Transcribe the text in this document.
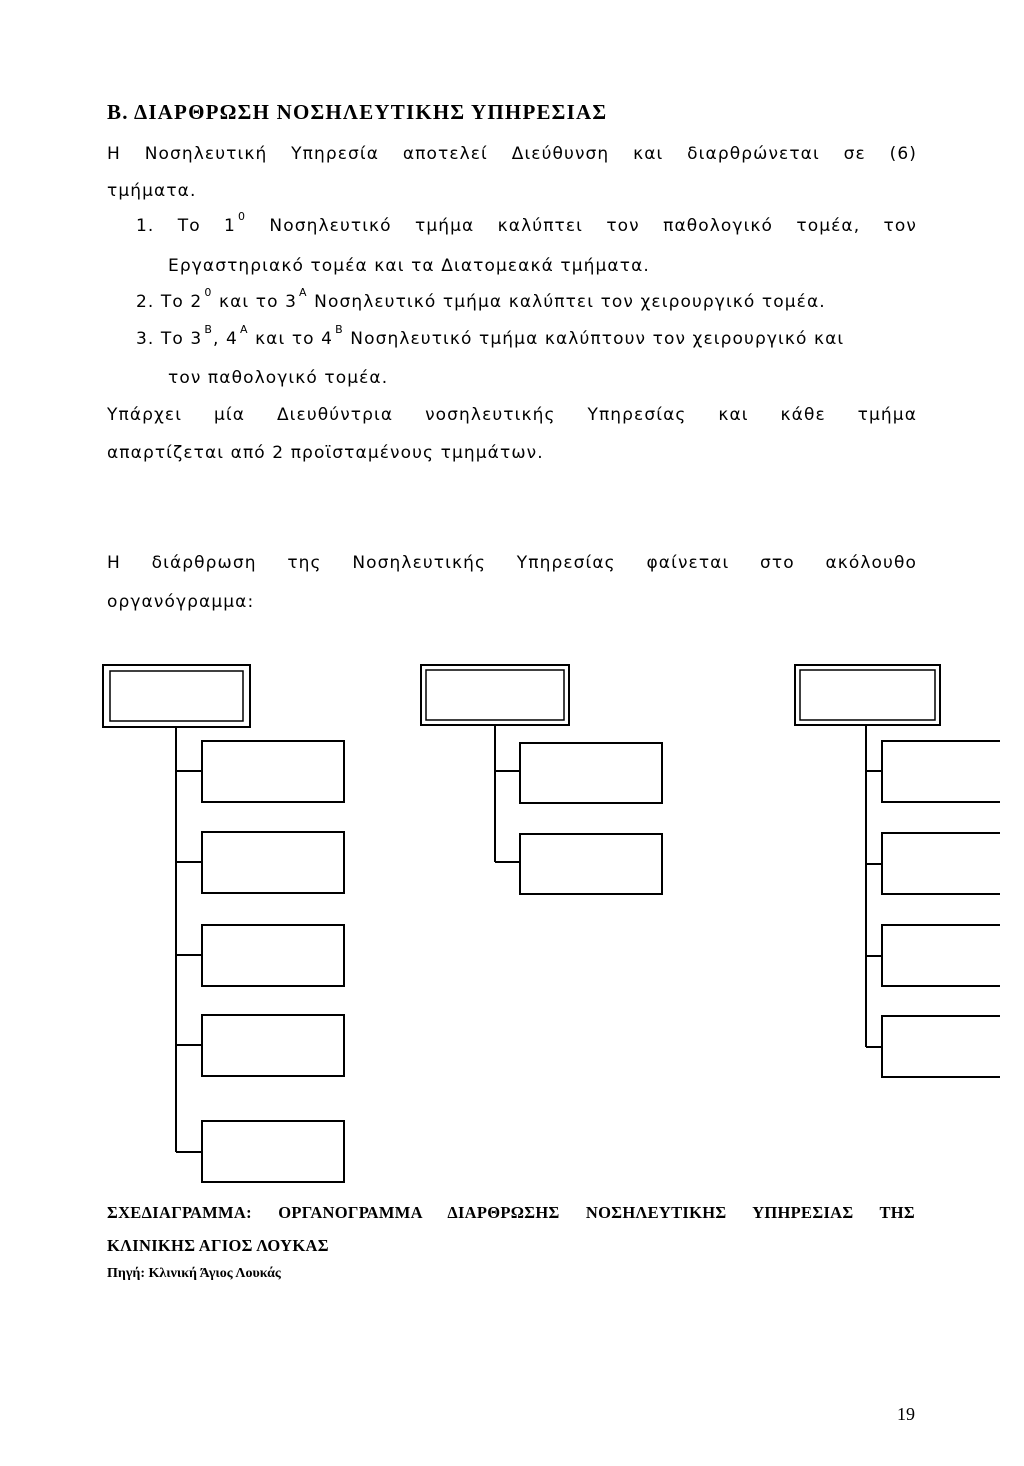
Β. ΔΙΑΡΘΡΩΣΗ ΝΟΣΗΛΕΥΤΙΚΗΣ ΥΠΗΡΕΣΙΑΣ
Η Νοσηλευτική Υπηρεσία αποτελεί Διεύθυνση και διαρθρώνεται σε (6)
τμήματα.
1. Το 1 $^0$ Νοσηλευτικό τμήμα καλύπτει τον παθολογικό τομέα, τον
Εργαστηριακό τομέα και τα Διατομεακά τμήματα.
2. Το 2 $^0$ και το 3 $^A$ Νοσηλευτικό τμήμα καλύπτει τον χειρουργικό τομέα.
3. Το 3 $^B$, 4 $^A$ και το 4 $^B$ Νοσηλευτικό τμήμα καλύπτουν τον χειρουργικό και
τον παθολογικό τομέα.
Υπάρχει μία Διευθύντρια νοσηλευτικής Υπηρεσίας και κάθε τμήμα
απαρτίζεται από 2 προϊσταμένους τμημάτων.
Η διάρθρωση της Νοσηλευτικής Υπηρεσίας φαίνεται στο ακόλουθο
οργανόγραμμα:
ΣΧΕΔΙΑΓΡΑΜΜΑ: ΟΡΓΑΝΟΓΡΑΜΜΑ ΔΙΑΡΘΡΩΣΗΣ ΝΟΣΗΛΕΥΤΙΚΗΣ ΥΠΗΡΕΣΙΑΣ ΤΗΣ
ΚΛΙΝΙΚΗΣ ΑΓΙΟΣ ΛΟΥΚΑΣ
Πηγή: Κλινική Άγιος Λουκάς
19
